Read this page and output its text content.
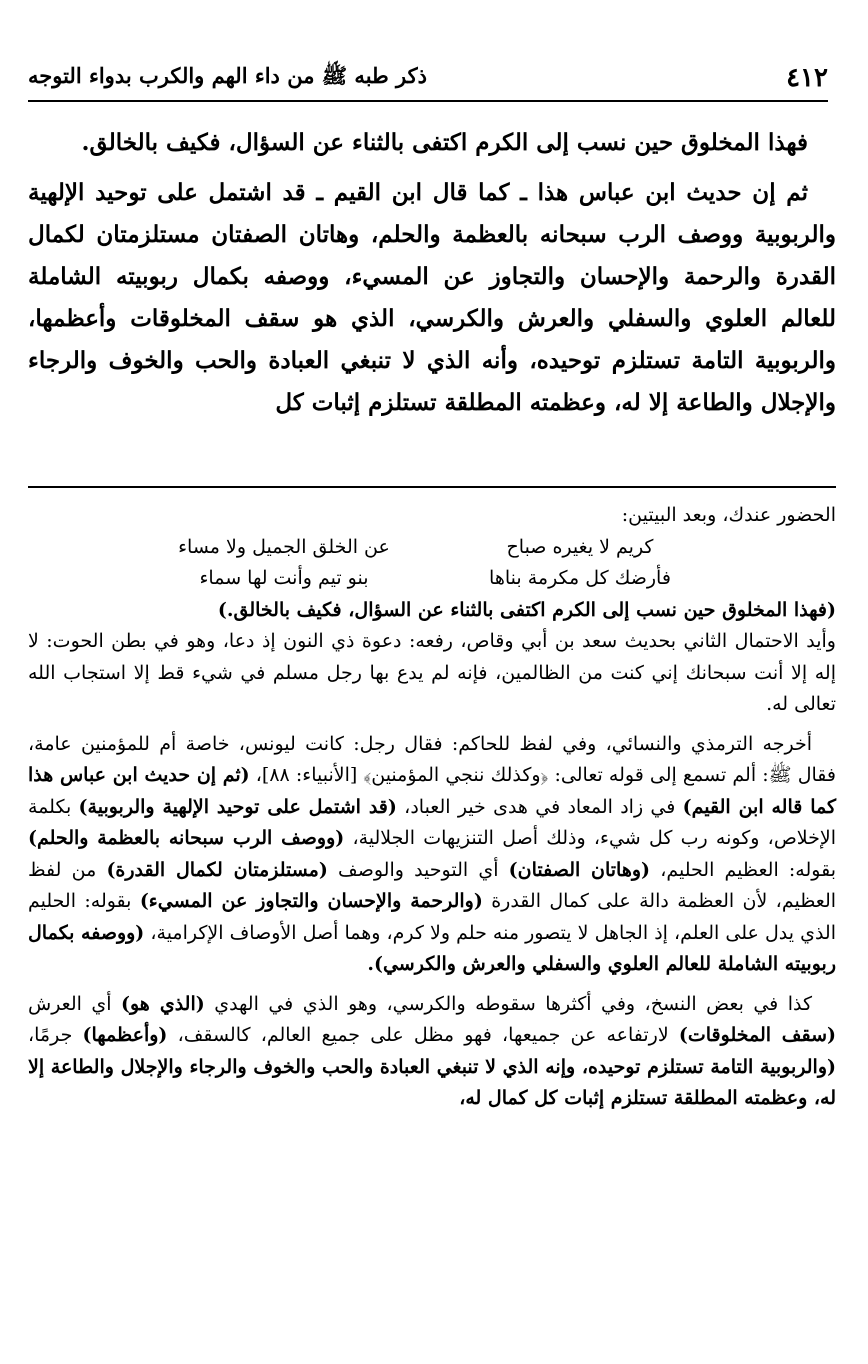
٤١٢
ذكر طبه ﷺ من داء الهم والكرب بدواء التوجه

فهذا المخلوق حين نسب إلى الكرم اكتفى بالثناء عن السؤال، فكيف بالخالق.

ثم إن حديث ابن عباس هذا ـ كما قال ابن القيم ـ قد اشتمل على توحيد الإلهية والربوبية ووصف الرب سبحانه بالعظمة والحلم، وهاتان الصفتان مستلزمتان لكمال القدرة والرحمة والإحسان والتجاوز عن المسيء، ووصفه بكمال ربوبيته الشاملة للعالم العلوي والسفلي والعرش والكرسي، الذي هو سقف المخلوقات وأعظمها، والربوبية التامة تستلزم توحيده، وأنه الذي لا تنبغي العبادة والحب والخوف والرجاء والإجلال والطاعة إلا له، وعظمته المطلقة تستلزم إثبات كل

الحضور عندك، وبعد البيتين:

كريم لا يغيره صباح
عن الخلق الجميل ولا مساء
فأرضك كل مكرمة بناها
بنو تيم وأنت لها سماء

(فهذا المخلوق حين نسب إلى الكرم اكتفى بالثناء عن السؤال، فكيف بالخالق.)

وأيد الاحتمال الثاني بحديث سعد بن أبي وقاص، رفعه: دعوة ذي النون إذ دعا، وهو في بطن الحوت: لا إله إلا أنت سبحانك إني كنت من الظالمين، فإنه لم يدع بها رجل مسلم في شيء قط إلا استجاب الله تعالى له.

أخرجه الترمذي والنسائي، وفي لفظ للحاكم: فقال رجل: كانت ليونس، خاصة أم للمؤمنين عامة، فقال ﷺ: ألم تسمع إلى قوله تعالى: ﴿وكذلك ننجي المؤمنين﴾ [الأنبياء: ٨٨]، (ثم إن حديث ابن عباس هذا كما قاله ابن القيم) في زاد المعاد في هدى خير العباد، (قد اشتمل على توحيد الإلهية والربوبية) بكلمة الإخلاص، وكونه رب كل شيء، وذلك أصل التنزيهات الجلالية، (ووصف الرب سبحانه بالعظمة والحلم) بقوله: العظيم الحليم، (وهاتان الصفتان) أي التوحيد والوصف (مستلزمتان لكمال القدرة) من لفظ العظيم، لأن العظمة دالة على كمال القدرة (والرحمة والإحسان والتجاوز عن المسيء) بقوله: الحليم الذي يدل على العلم، إذ الجاهل لا يتصور منه حلم ولا كرم، وهما أصل الأوصاف الإكرامية، (ووصفه بكمال ربوبيته الشاملة للعالم العلوي والسفلي والعرش والكرسي).

كذا في بعض النسخ، وفي أكثرها سقوطه والكرسي، وهو الذي في الهدي (الذي هو) أي العرش (سقف المخلوقات) لارتفاعه عن جميعها، فهو مظل على جميع العالم، كالسقف، (وأعظمها) جرمًا، (والربوبية التامة تستلزم توحيده، وإنه الذي لا تنبغي العبادة والحب والخوف والرجاء والإجلال والطاعة إلا له، وعظمته المطلقة تستلزم إثبات كل كمال له،
